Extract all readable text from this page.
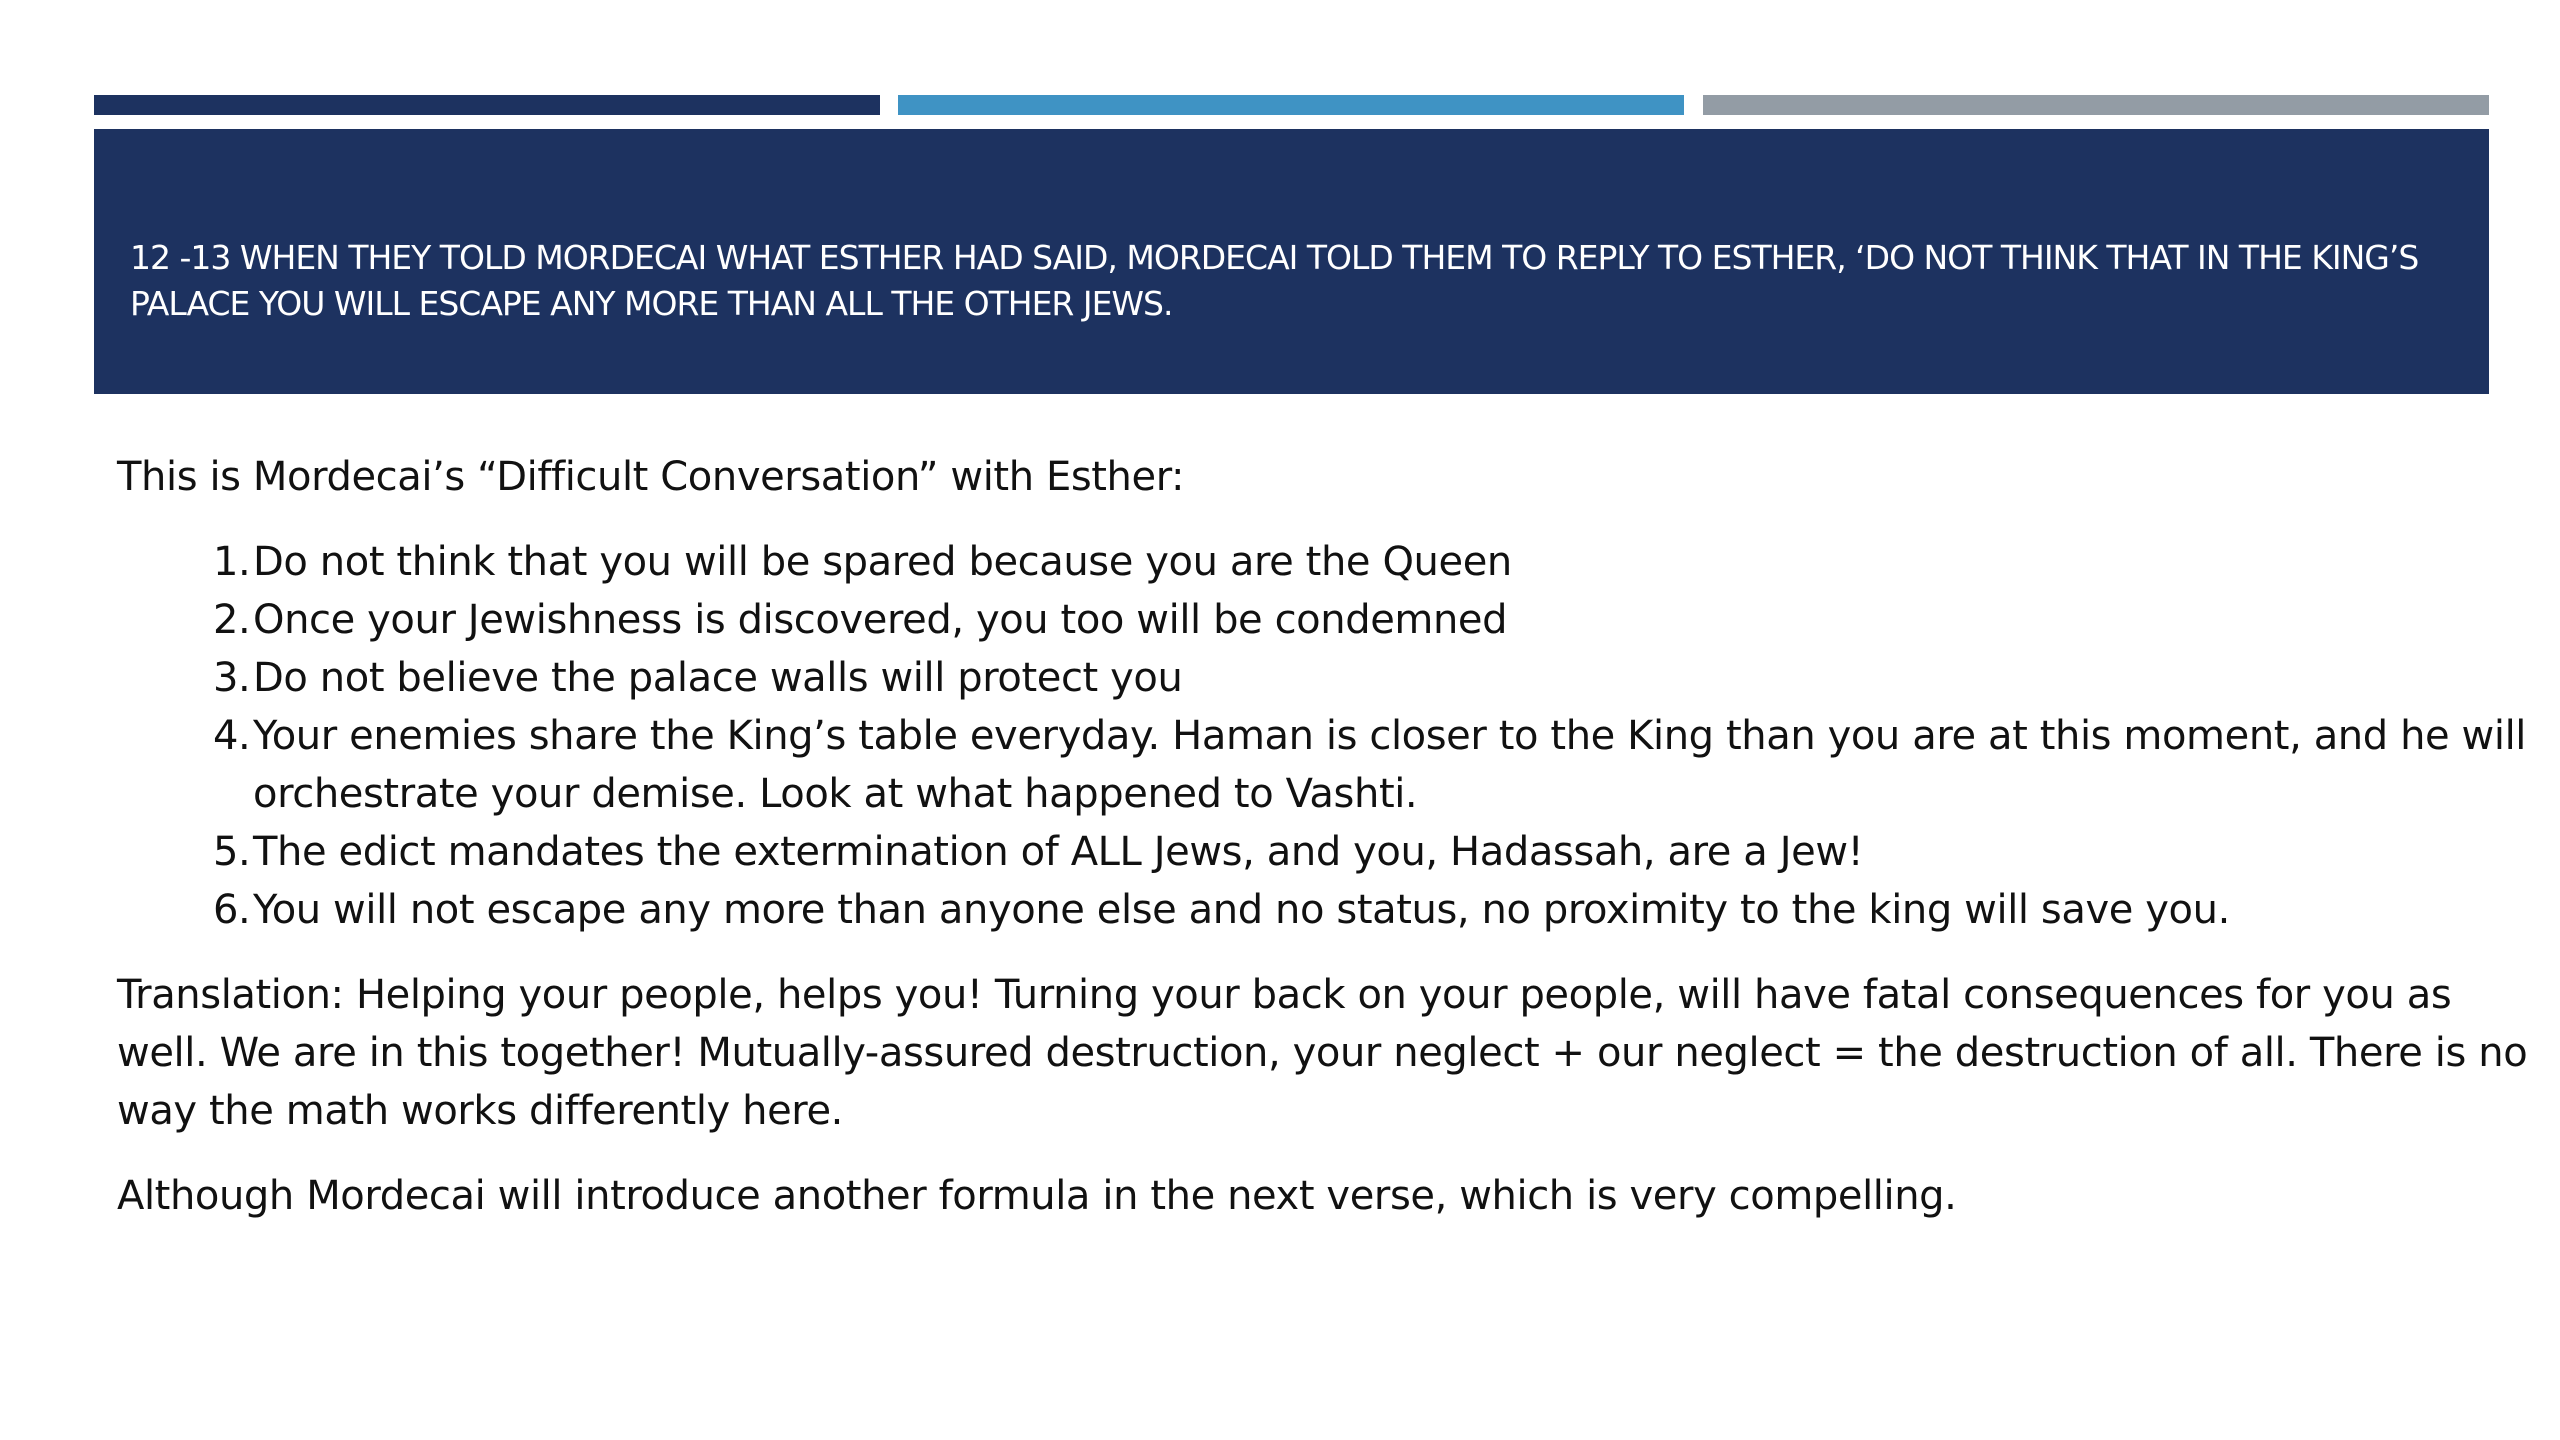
12 -13 WHEN THEY TOLD MORDECAI WHAT ESTHER HAD SAID, MORDECAI TOLD THEM TO REPLY TO ESTHER, ‘DO NOT THINK THAT IN THE KING’S PALACE YOU WILL ESCAPE ANY MORE THAN ALL THE OTHER JEWS.

This is Mordecai’s “Difficult Conversation” with Esther:

1. Do not think that you will be spared because you are the Queen
2. Once your Jewishness is discovered, you too will be condemned
3. Do not believe the palace walls will protect you
4. Your enemies share the King’s table everyday. Haman is closer to the King than you are at this moment, and he will orchestrate your demise. Look at what happened to Vashti.
5. The edict mandates the extermination of ALL Jews, and you, Hadassah, are a Jew!
6. You will not escape any more than anyone else and no status, no proximity to the king will save you.

Translation: Helping your people, helps you! Turning your back on your people, will have fatal consequences for you as well. We are in this together! Mutually-assured destruction, your neglect + our neglect = the destruction of all. There is no way the math works differently here.

Although Mordecai will introduce another formula in the next verse, which is very compelling.
